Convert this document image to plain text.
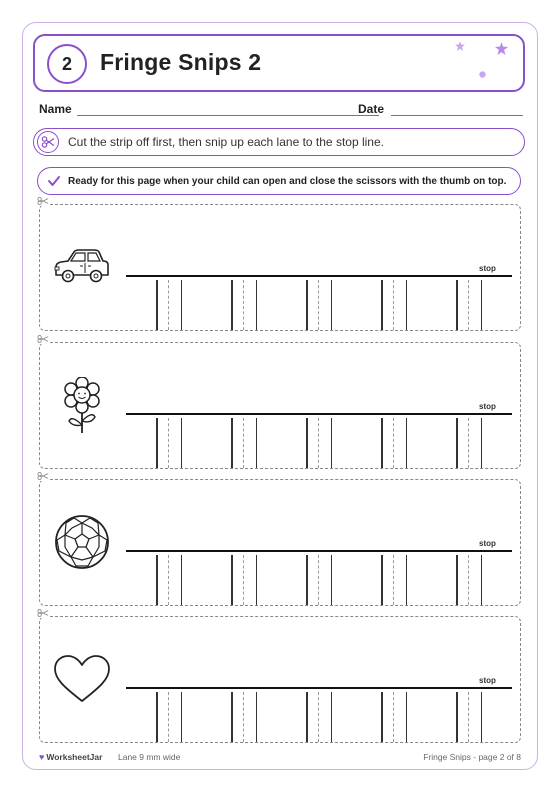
2	Fringe Snips 2
Name	Date
Cut the strip off first, then snip up each lane to the stop line.
Ready for this page when your child can open and close the scissors with the thumb on top.
stop
stop
stop
stop
♥ WorksheetJar Lane 9 mm wide	Fringe Snips - page 2 of 8
